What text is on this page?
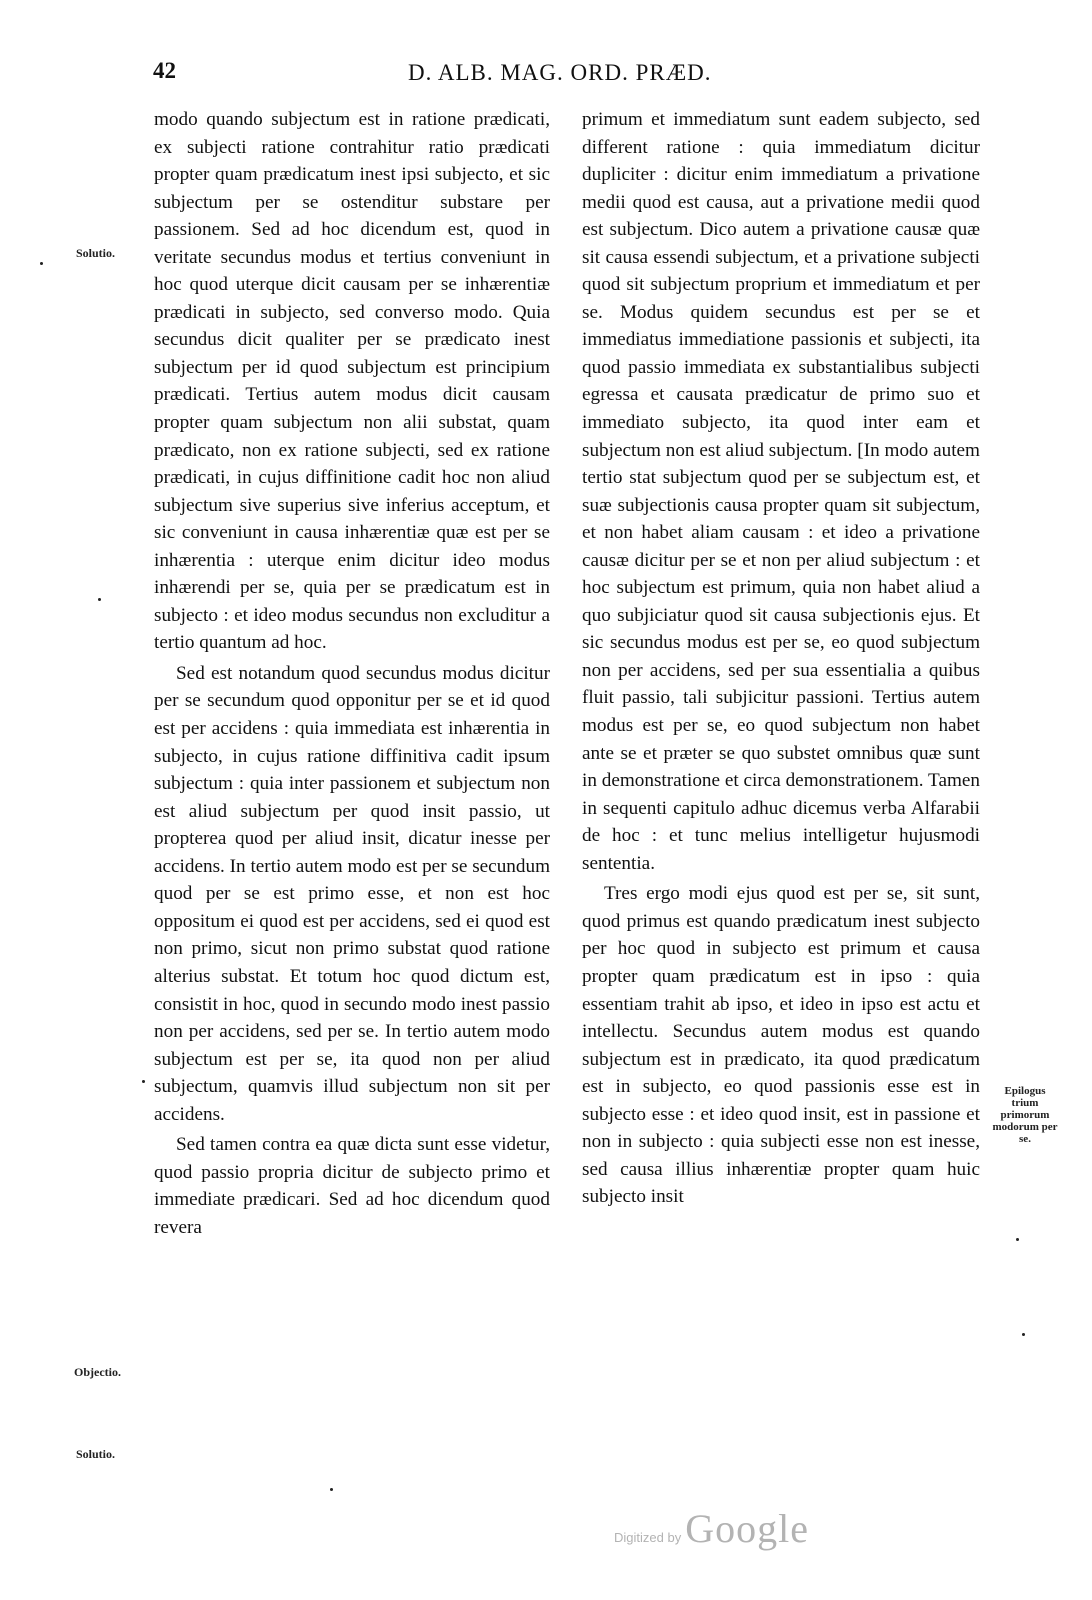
42	D. ALB. MAG. ORD. PRÆD.
Solutio.
Objectio.
Solutio.
Epilogus trium primorum modorum per se.

modo quando subjectum est in ratione prædicati, ex subjecti ratione contrahitur ratio prædicati propter quam prædicatum inest ipsi subjecto, et sic subjectum per se ostenditur substare per passionem. Sed ad hoc dicendum est, quod in veritate secundus modus et tertius conveniunt in hoc quod uterque dicit causam per se inhærentiæ prædicati in subjecto, sed converso modo. Quia secundus dicit qualiter per se prædicato inest subjectum per id quod subjectum est principium prædicati. Tertius autem modus dicit causam propter quam subjectum non alii substat, quam prædicato, non ex ratione subjecti, sed ex ratione prædicati, in cujus diffinitione cadit hoc non aliud subjectum sive superius sive inferius acceptum, et sic conveniunt in causa inhærentiæ quæ est per se inhærentia : uterque enim dicitur ideo modus inhærendi per se, quia per se prædicatum est in subjecto : et ideo modus secundus non excluditur a tertio quantum ad hoc.

Sed est notandum quod secundus modus dicitur per se secundum quod opponitur per se et id quod est per accidens : quia immediata est inhærentia in subjecto, in cujus ratione diffinitiva cadit ipsum subjectum : quia inter passionem et subjectum non est aliud subjectum per quod insit passio, ut propterea quod per aliud insit, dicatur inesse per accidens. In tertio autem modo est per se secundum quod per se est primo esse, et non est hoc oppositum ei quod est per accidens, sed ei quod est non primo, sicut non primo substat quod ratione alterius substat. Et totum hoc quod dictum est, consistit in hoc, quod in secundo modo inest passio non per accidens, sed per se. In tertio autem modo subjectum est per se, ita quod non per aliud subjectum, quamvis illud subjectum non sit per accidens.

Sed tamen contra ea quæ dicta sunt esse videtur, quod passio propria dicitur de subjecto primo et immediate prædicari. Sed ad hoc dicendum quod revera

primum et immediatum sunt eadem subjecto, sed different ratione : quia immediatum dicitur dupliciter : dicitur enim immediatum a privatione medii quod est causa, aut a privatione medii quod est subjectum. Dico autem a privatione causæ quæ sit causa essendi subjectum, et a privatione subjecti quod sit subjectum proprium et immediatum et per se. Modus quidem secundus est per se et immediatus immediatione passionis et subjecti, ita quod passio immediata ex substantialibus subjecti egressa et causata prædicatur de primo suo et immediato subjecto, ita quod inter eam et subjectum non est aliud subjectum. [In modo autem tertio stat subjectum quod per se subjectum est, et suæ subjectionis causa propter quam sit subjectum, et non habet aliam causam : et ideo a privatione causæ dicitur per se et non per aliud subjectum : et hoc subjectum est primum, quia non habet aliud a quo subjiciatur quod sit causa subjectionis ejus. Et sic secundus modus est per se, eo quod subjectum non per accidens, sed per sua essentialia a quibus fluit passio, tali subjicitur passioni. Tertius autem modus est per se, eo quod subjectum non habet ante se et præter se quo substet omnibus quæ sunt in demonstratione et circa demonstrationem. Tamen in sequenti capitulo adhuc dicemus verba Alfarabii de hoc : et tunc melius intelligetur hujusmodi sententia.

Tres ergo modi ejus quod est per se, sit sunt, quod primus est quando prædicatum inest subjecto per hoc quod in subjecto est primum et causa propter quam prædicatum est in ipso : quia essentiam trahit ab ipso, et ideo in ipso est actu et intellectu. Secundus autem modus est quando subjectum est in prædicato, ita quod prædicatum est in subjecto, eo quod passionis esse est in subjecto esse : et ideo quod insit, est in passione et non in subjecto : quia subjecti esse non est inesse, sed causa illius inhærentiæ propter quam huic subjecto insit

Digitized by Google
